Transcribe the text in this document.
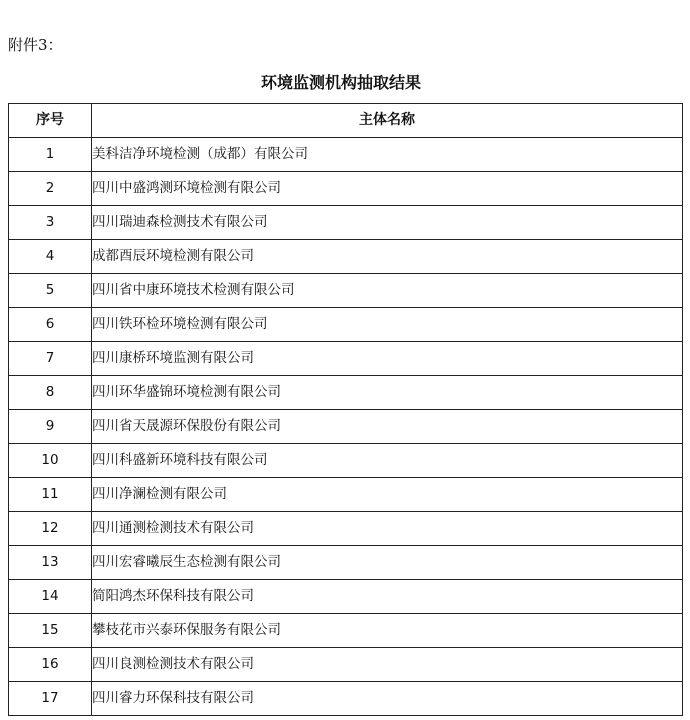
附件3：
环境监测机构抽取结果
序号	主体名称
1	美科洁净环境检测（成都）有限公司
2	四川中盛鸿测环境检测有限公司
3	四川瑞迪森检测技术有限公司
4	成都酉辰环境检测有限公司
5	四川省中康环境技术检测有限公司
6	四川铁环检环境检测有限公司
7	四川康桥环境监测有限公司
8	四川环华盛锦环境检测有限公司
9	四川省天晟源环保股份有限公司
10	四川科盛新环境科技有限公司
11	四川净澜检测有限公司
12	四川通测检测技术有限公司
13	四川宏睿曦辰生态检测有限公司
14	简阳鸿杰环保科技有限公司
15	攀枝花市兴泰环保服务有限公司
16	四川良测检测技术有限公司
17	四川睿力环保科技有限公司
